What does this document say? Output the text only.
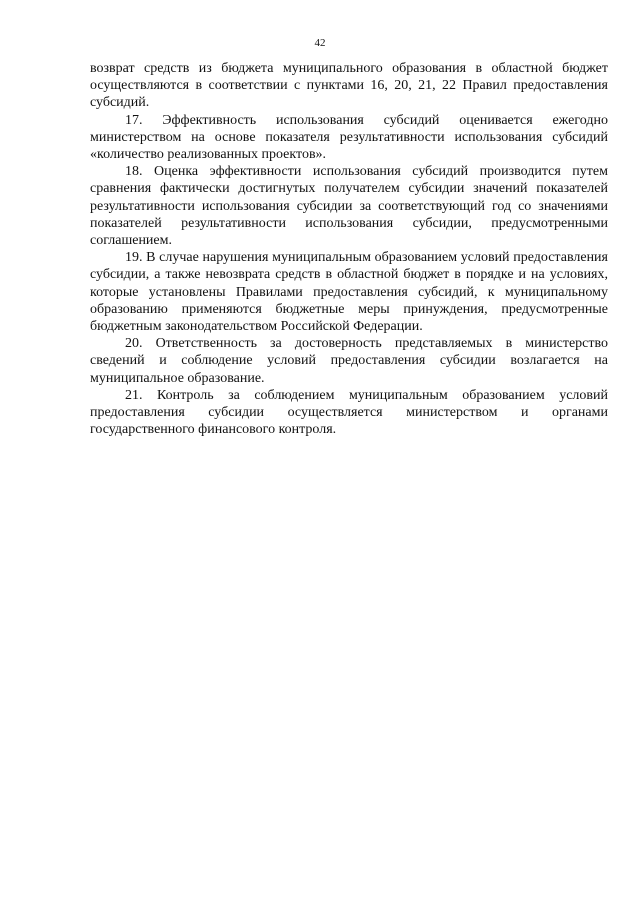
42

возврат средств из бюджета муниципального образования в областной бюджет осуществляются в соответствии с пунктами 16, 20, 21, 22 Правил предоставления субсидий.

17. Эффективность использования субсидий оценивается ежегодно министерством на основе показателя результативности использования субсидий «количество реализованных проектов».

18. Оценка эффективности использования субсидий производится путем сравнения фактически достигнутых получателем субсидии значений показателей результативности использования субсидии за соответствующий год со значениями показателей результативности использования субсидии, предусмотренными соглашением.

19. В случае нарушения муниципальным образованием условий предоставления субсидии, а также невозврата средств в областной бюджет в порядке и на условиях, которые установлены Правилами предоставления субсидий, к муниципальному образованию применяются бюджетные меры принуждения, предусмотренные бюджетным законодательством Российской Федерации.

20. Ответственность за достоверность представляемых в министерство сведений и соблюдение условий предоставления субсидии возлагается на муниципальное образование.

21. Контроль за соблюдением муниципальным образованием условий предоставления субсидии осуществляется министерством и органами государственного финансового контроля.
